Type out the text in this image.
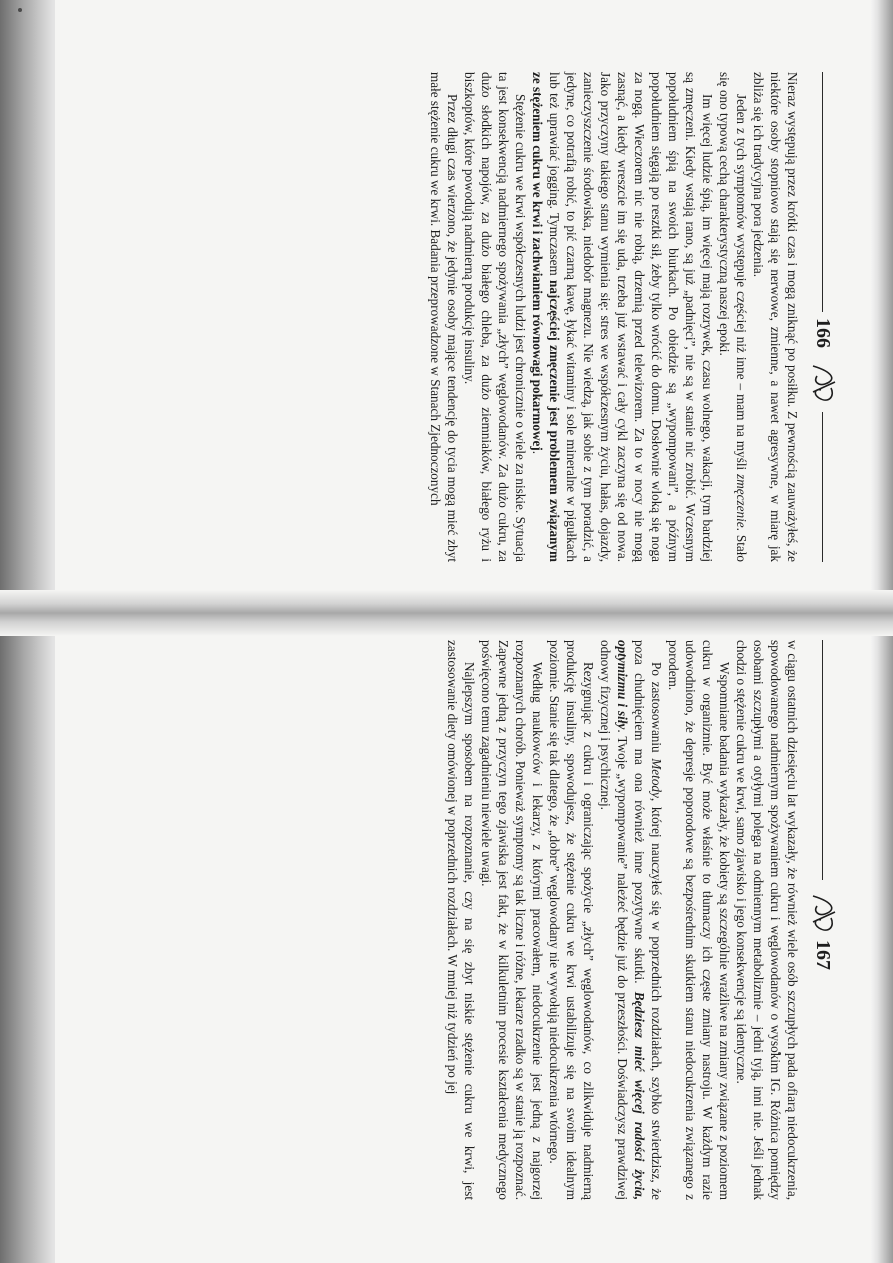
166

Nieraz występują przez krótki czas i mogą zniknąć po posiłku. Z pewnością zauważyłeś, że niektóre osoby stopniowo stają się nerwowe, zmienne, a nawet agresywne, w miarę jak zbliża się ich tradycyjna pora jedzenia.

Jeden z tych symptomów występuje częściej niż inne – mam na myśli zmęczenie. Stało się ono typową cechą charakterystyczną naszej epoki.

Im więcej ludzie śpią, im więcej mają rozrywek, czasu wolnego, wakacji, tym bardziej są zmęczeni. Kiedy wstają rano, są już „padnięci”, nie są w stanie nic zrobić. Wczesnym popołudniem śpią na swoich biurkach. Po obiedzie są „wypompowani”, a późnym popołudniem sięgają po resztki sił, żeby tylko wrócić do domu. Dosłownie wloką się noga za nogą. Wieczorem nic nie robią, drzemią przed telewizorem. Za to w nocy nie mogą zasnąć, a kiedy wreszcie im się uda, trzeba już wstawać i cały cykl zaczyna się od nowa. Jako przyczyny takiego stanu wymienia się: stres we współczesnym życiu, hałas, dojazdy, zanieczyszczenie środowiska, niedobór magnezu. Nie wiedzą, jak sobie z tym poradzić, a jedyne, co potrafią robić, to pić czarną kawę, łykać witaminy i sole mineralne w pigułkach lub też uprawiać jogging. Tymczasem najczęściej zmęczenie jest problemem związanym ze stężeniem cukru we krwi i zachwianiem równowagi pokarmowej.

Stężenie cukru we krwi współczesnych ludzi jest chronicznie o wiele za niskie. Sytuacja ta jest konsekwencją nadmiernego spożywania „złych” węglowodanów. Za dużo cukru, za dużo słodkich napojów, za dużo białego chleba, za dużo ziemniaków, białego ryżu i biszkoptów, które powodują nadmierną produkcję insuliny.

Przez długi czas wierzono, że jedynie osoby mające tendencję do tycia mogą mieć zbyt małe stężenie cukru we krwi. Badania przeprowadzone w Stanach Zjednoczonych

167

w ciągu ostatnich dziesięciu lat wykazały, że również wiele osób szczupłych pada ofiarą niedocukrzenia, spowodowanego nadmiernym spożywaniem cukru i węglowodanów o wysokim IG. Różnica pomiędzy osobami szczupłymi a otyłymi polega na odmiennym metabolizmie – jedni tyją, inni nie. Jeśli jednak chodzi o stężenie cukru we krwi, samo zjawisko i jego konsekwencje są identyczne.

Wspomniane badania wykazały, że kobiety są szczególnie wrażliwe na zmiany związane z poziomem cukru w organizmie. Być może właśnie to tłumaczy ich częste zmiany nastroju. W każdym razie udowodniono, że depresje poporodowe są bezpośrednim skutkiem stanu niedocukrzenia związanego z porodem.

Po zastosowaniu Metody, której nauczyłeś się w poprzednich rozdziałach, szybko stwierdzisz, że poza chudnięciem ma ona również inne pozytywne skutki. Będziesz mieć więcej radości życia, optymizmu i siły. Twoje „wypompowanie” należeć będzie już do przeszłości. Doświadczysz prawdziwej odnowy fizycznej i psychicznej.

Rezygnując z cukru i ograniczając spożycie „złych” węglowodanów, co zlikwiduje nadmierną produkcję insuliny, spowodujesz, że stężenie cukru we krwi ustabilizuje się na swoim idealnym poziomie. Stanie się tak dlatego, że „dobre” węglowodany nie wywołują niedocukrzenia wtórnego.

Według naukowców i lekarzy, z którymi pracowałem, niedocukrzenie jest jedną z najgorzej rozpoznanych chorób. Ponieważ symptomy są tak liczne i różne, lekarze rzadko są w stanie ją rozpoznać. Zapewne jedną z przyczyn tego zjawiska jest fakt, że w kilkuletnim procesie kształcenia medycznego poświęcono temu zagadnieniu niewiele uwagi.

Najlepszym sposobem na rozpoznanie, czy na się zbyt niskie stężenie cukru we krwi, jest zastosowanie diety omówionej w poprzednich rozdziałach. W mniej niż tydzień po jej
